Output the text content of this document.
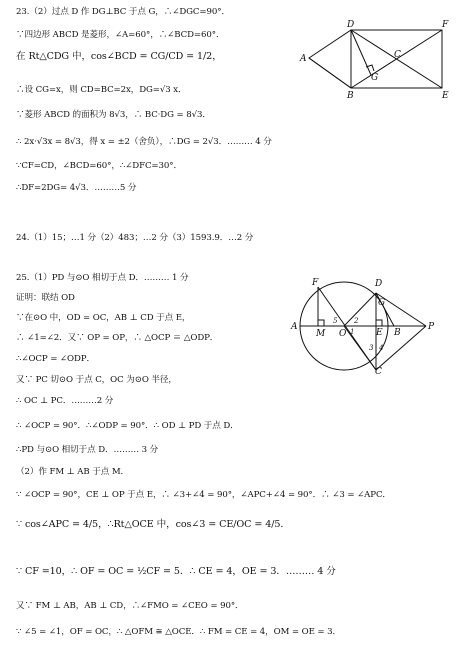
23.（2）过点 D 作 DG⊥BC 于点 G，∴∠DGC=90°．
∵四边形 ABCD 是菱形，∠A=60°，∴∠BCD=60°．
在 Rt△CDG 中，cos∠BCD = CG/CD = 1/2，
∴设 CG=x，则 CD=BC=2x，DG=√3 x．
∵菱形 ABCD 的面积为 8√3，∴ BC·DG = 8√3．
∴ 2x·√3x = 8√3，得 x = ±2（舍负），∴DG = 2√3．……… 4 分
∵CF=CD，∠BCD=60°，∴∠DFC=30°．
∴DF=2DG= 4√3．………5 分
A
D	F
C
G
B	E
24.（1）15；…1 分（2）483；…2 分（3）1593.9．…2 分
25.（1）PD 与⊙O 相切于点 D．……… 1 分
证明：联结 OD
∵在⊙O 中，OD = OC，AB ⊥ CD 于点 E，
∴ ∠1=∠2．又∵ OP = OP，∴ △OCP ≅ △ODP．
∴∠OCP = ∠ODP．
又∵ PC 切⊙O 于点 C，OC 为⊙O 半径，
∴ OC ⊥ PC．………2 分
∴ ∠OCP = 90°．∴∠ODP = 90°．∴ OD ⊥ PD 于点 D．
∴PD 与⊙O 相切于点 D．……… 3 分
（2）作 FM ⊥ AB 于点 M．
∵ ∠OCP = 90°，CE ⊥ OP 于点 E，∴ ∠3+∠4 = 90°，∠APC+∠4 = 90°．∴ ∠3 = ∠APC．
∵ cos∠APC = 4/5，∴Rt△OCE 中，cos∠3 = CE/OC = 4/5．
∵ CF =10，∴ OF = OC = ½CF = 5．∴ CE = 4，OE = 3．……… 4 分
又∵ FM ⊥ AB，AB ⊥ CD，∴∠FMO = ∠CEO = 90°．
∵ ∠5 = ∠1，OF = OC，∴ △OFM ≅ △OCE．∴ FM = CE = 4，OM = OE = 3．
A
F
M O
D
G
E B
P
C
5
1
2
3 4
